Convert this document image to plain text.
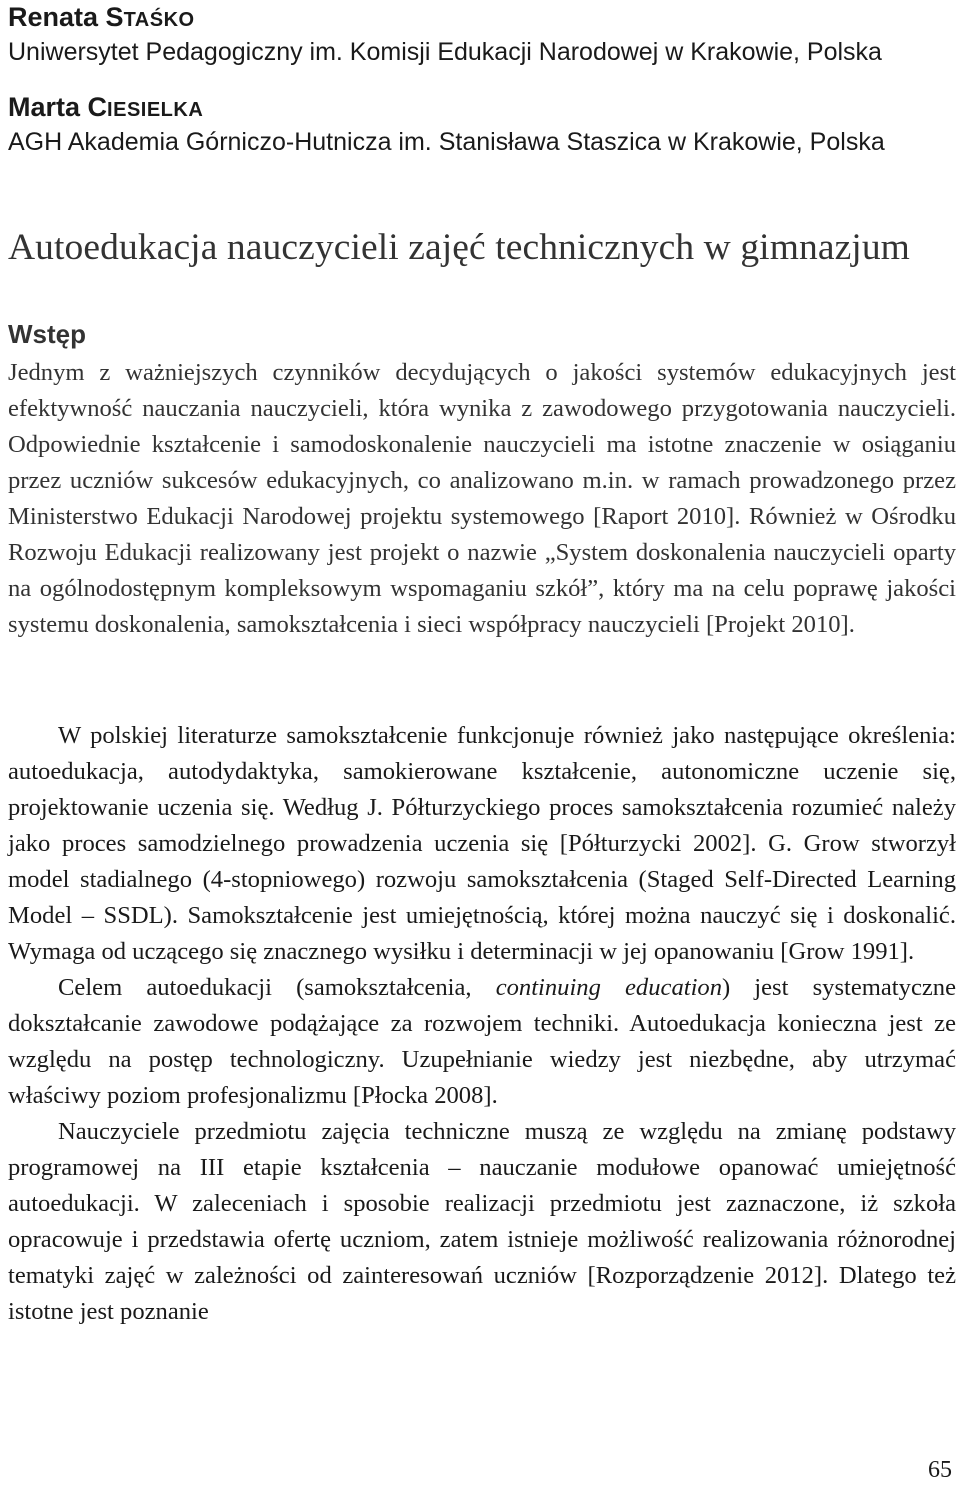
Renata STAŚKO
Uniwersytet Pedagogiczny im. Komisji Edukacji Narodowej w Krakowie, Polska
Marta CIESIELKA
AGH Akademia Górniczo-Hutnicza im. Stanisława Staszica w Krakowie, Polska
Autoedukacja nauczycieli zajęć technicznych w gimnazjum
Wstęp

Jednym z ważniejszych czynników decydujących o jakości systemów edukacyjnych jest efektywność nauczania nauczycieli, która wynika z zawodowego przygotowania nauczycieli. Odpowiednie kształcenie i samodoskonalenie nauczycieli ma istotne znaczenie w osiąganiu przez uczniów sukcesów edukacyjnych, co analizowano m.in. w ramach prowadzonego przez Ministerstwo Edukacji Narodowej projektu systemowego [Raport 2010]. Również w Ośrodku Rozwoju Edukacji realizowany jest projekt o nazwie „System doskonalenia nauczycieli oparty na ogólnodostępnym kompleksowym wspomaganiu szkół”, który ma na celu poprawę jakości systemu doskonalenia, samokształcenia i sieci współpracy nauczycieli [Projekt 2010].

W polskiej literaturze samokształcenie funkcjonuje również jako następujące określenia: autoedukacja, autodydaktyka, samokierowane kształcenie, autonomiczne uczenie się, projektowanie uczenia się. Według J. Półturzyckiego proces samokształcenia rozumieć należy jako proces samodzielnego prowadzenia uczenia się [Półturzycki 2002]. G. Grow stworzył model stadialnego (4-stopniowego) rozwoju samokształcenia (Staged Self-Directed Learning Model – SSDL). Samokształcenie jest umiejętnością, której można nauczyć się i doskonalić. Wymaga od uczącego się znacznego wysiłku i determinacji w jej opanowaniu [Grow 1991].

Celem autoedukacji (samokształcenia, continuing education) jest systematyczne dokształcanie zawodowe podążające za rozwojem techniki. Autoedukacja konieczna jest ze względu na postęp technologiczny. Uzupełnianie wiedzy jest niezbędne, aby utrzymać właściwy poziom profesjonalizmu [Płocka 2008].

Nauczyciele przedmiotu zajęcia techniczne muszą ze względu na zmianę podstawy programowej na III etapie kształcenia – nauczanie modułowe opanować umiejętność autoedukacji. W zaleceniach i sposobie realizacji przedmiotu jest zaznaczone, iż szkoła opracowuje i przedstawia ofertę uczniom, zatem istnieje możliwość realizowania różnorodnej tematyki zajęć w zależności od zainteresowań uczniów [Rozporządzenie 2012]. Dlatego też istotne jest poznanie

65
